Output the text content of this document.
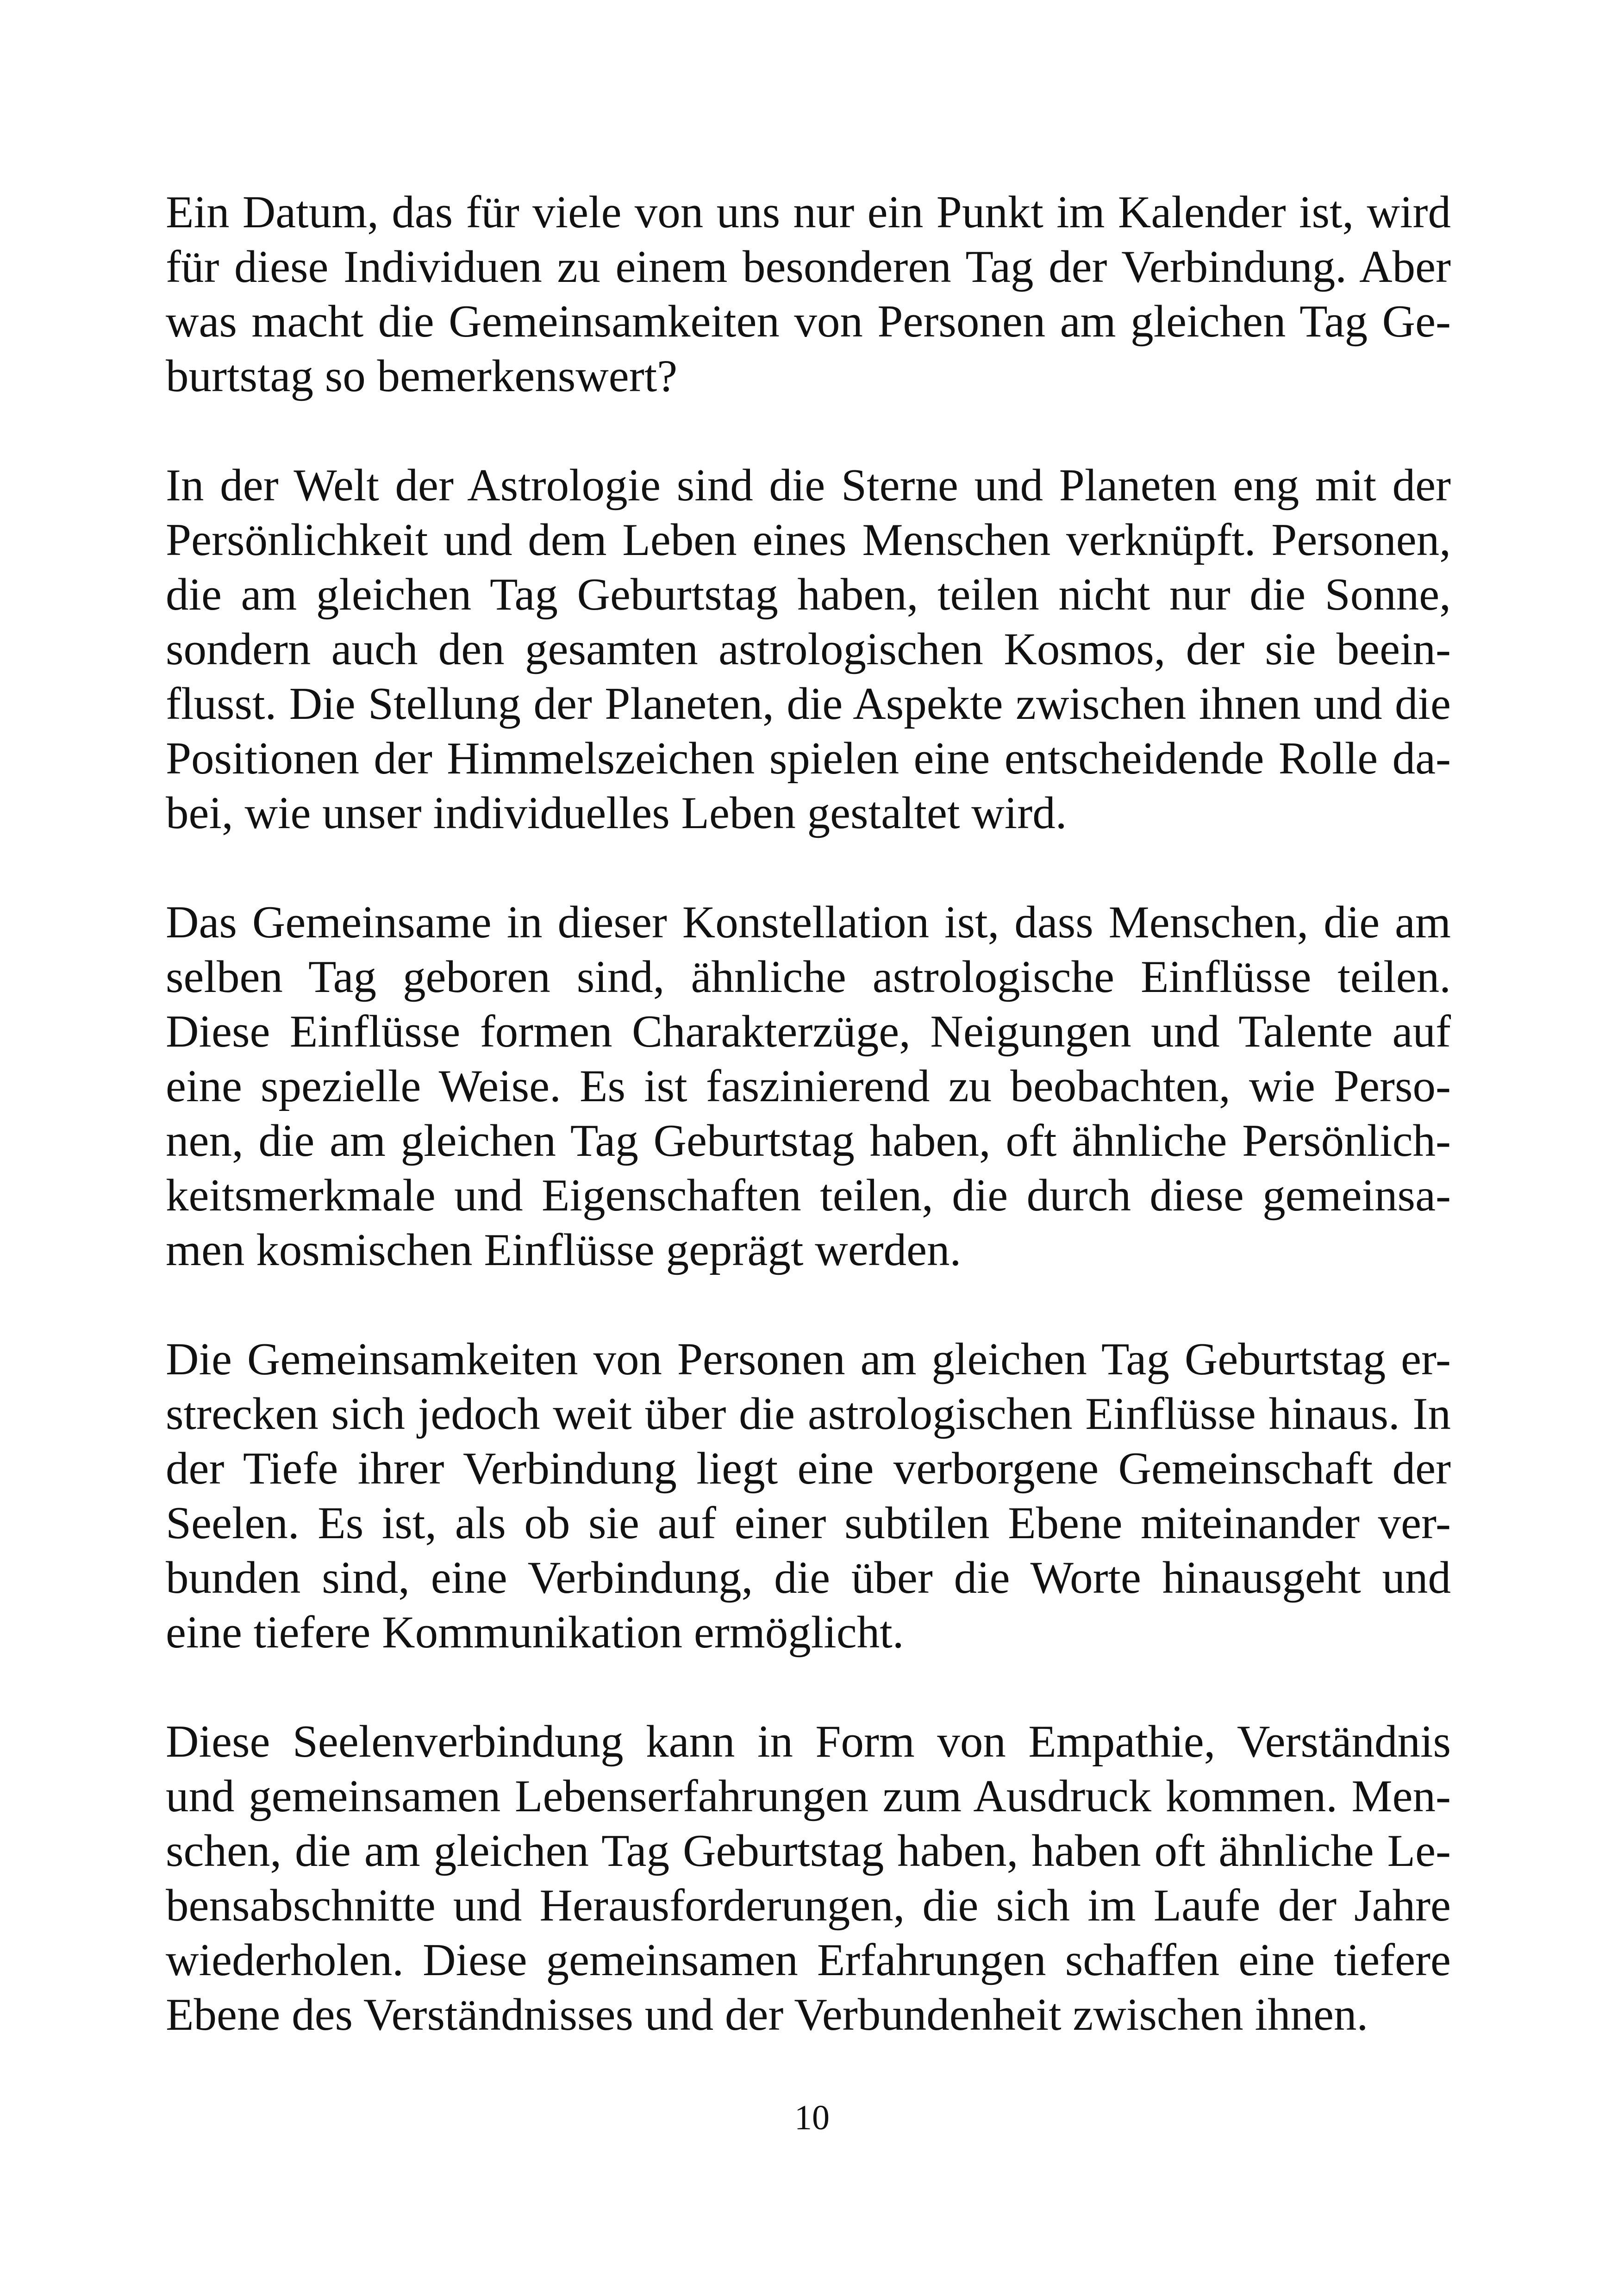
Ein Datum, das für viele von uns nur ein Punkt im Kalender ist, wird
für diese Individuen zu einem besonderen Tag der Verbindung. Aber
was macht die Gemeinsamkeiten von Personen am gleichen Tag Ge-
burtstag so bemerkenswert?
In der Welt der Astrologie sind die Sterne und Planeten eng mit der
Persönlichkeit und dem Leben eines Menschen verknüpft. Personen,
die am gleichen Tag Geburtstag haben, teilen nicht nur die Sonne,
sondern auch den gesamten astrologischen Kosmos, der sie beein-
flusst. Die Stellung der Planeten, die Aspekte zwischen ihnen und die
Positionen der Himmelszeichen spielen eine entscheidende Rolle da-
bei, wie unser individuelles Leben gestaltet wird.
Das Gemeinsame in dieser Konstellation ist, dass Menschen, die am
selben Tag geboren sind, ähnliche astrologische Einflüsse teilen.
Diese Einflüsse formen Charakterzüge, Neigungen und Talente auf
eine spezielle Weise. Es ist faszinierend zu beobachten, wie Perso-
nen, die am gleichen Tag Geburtstag haben, oft ähnliche Persönlich-
keitsmerkmale und Eigenschaften teilen, die durch diese gemeinsa-
men kosmischen Einflüsse geprägt werden.
Die Gemeinsamkeiten von Personen am gleichen Tag Geburtstag er-
strecken sich jedoch weit über die astrologischen Einflüsse hinaus. In
der Tiefe ihrer Verbindung liegt eine verborgene Gemeinschaft der
Seelen. Es ist, als ob sie auf einer subtilen Ebene miteinander ver-
bunden sind, eine Verbindung, die über die Worte hinausgeht und
eine tiefere Kommunikation ermöglicht.
Diese Seelenverbindung kann in Form von Empathie, Verständnis
und gemeinsamen Lebenserfahrungen zum Ausdruck kommen. Men-
schen, die am gleichen Tag Geburtstag haben, haben oft ähnliche Le-
bensabschnitte und Herausforderungen, die sich im Laufe der Jahre
wiederholen. Diese gemeinsamen Erfahrungen schaffen eine tiefere
Ebene des Verständnisses und der Verbundenheit zwischen ihnen.
10
